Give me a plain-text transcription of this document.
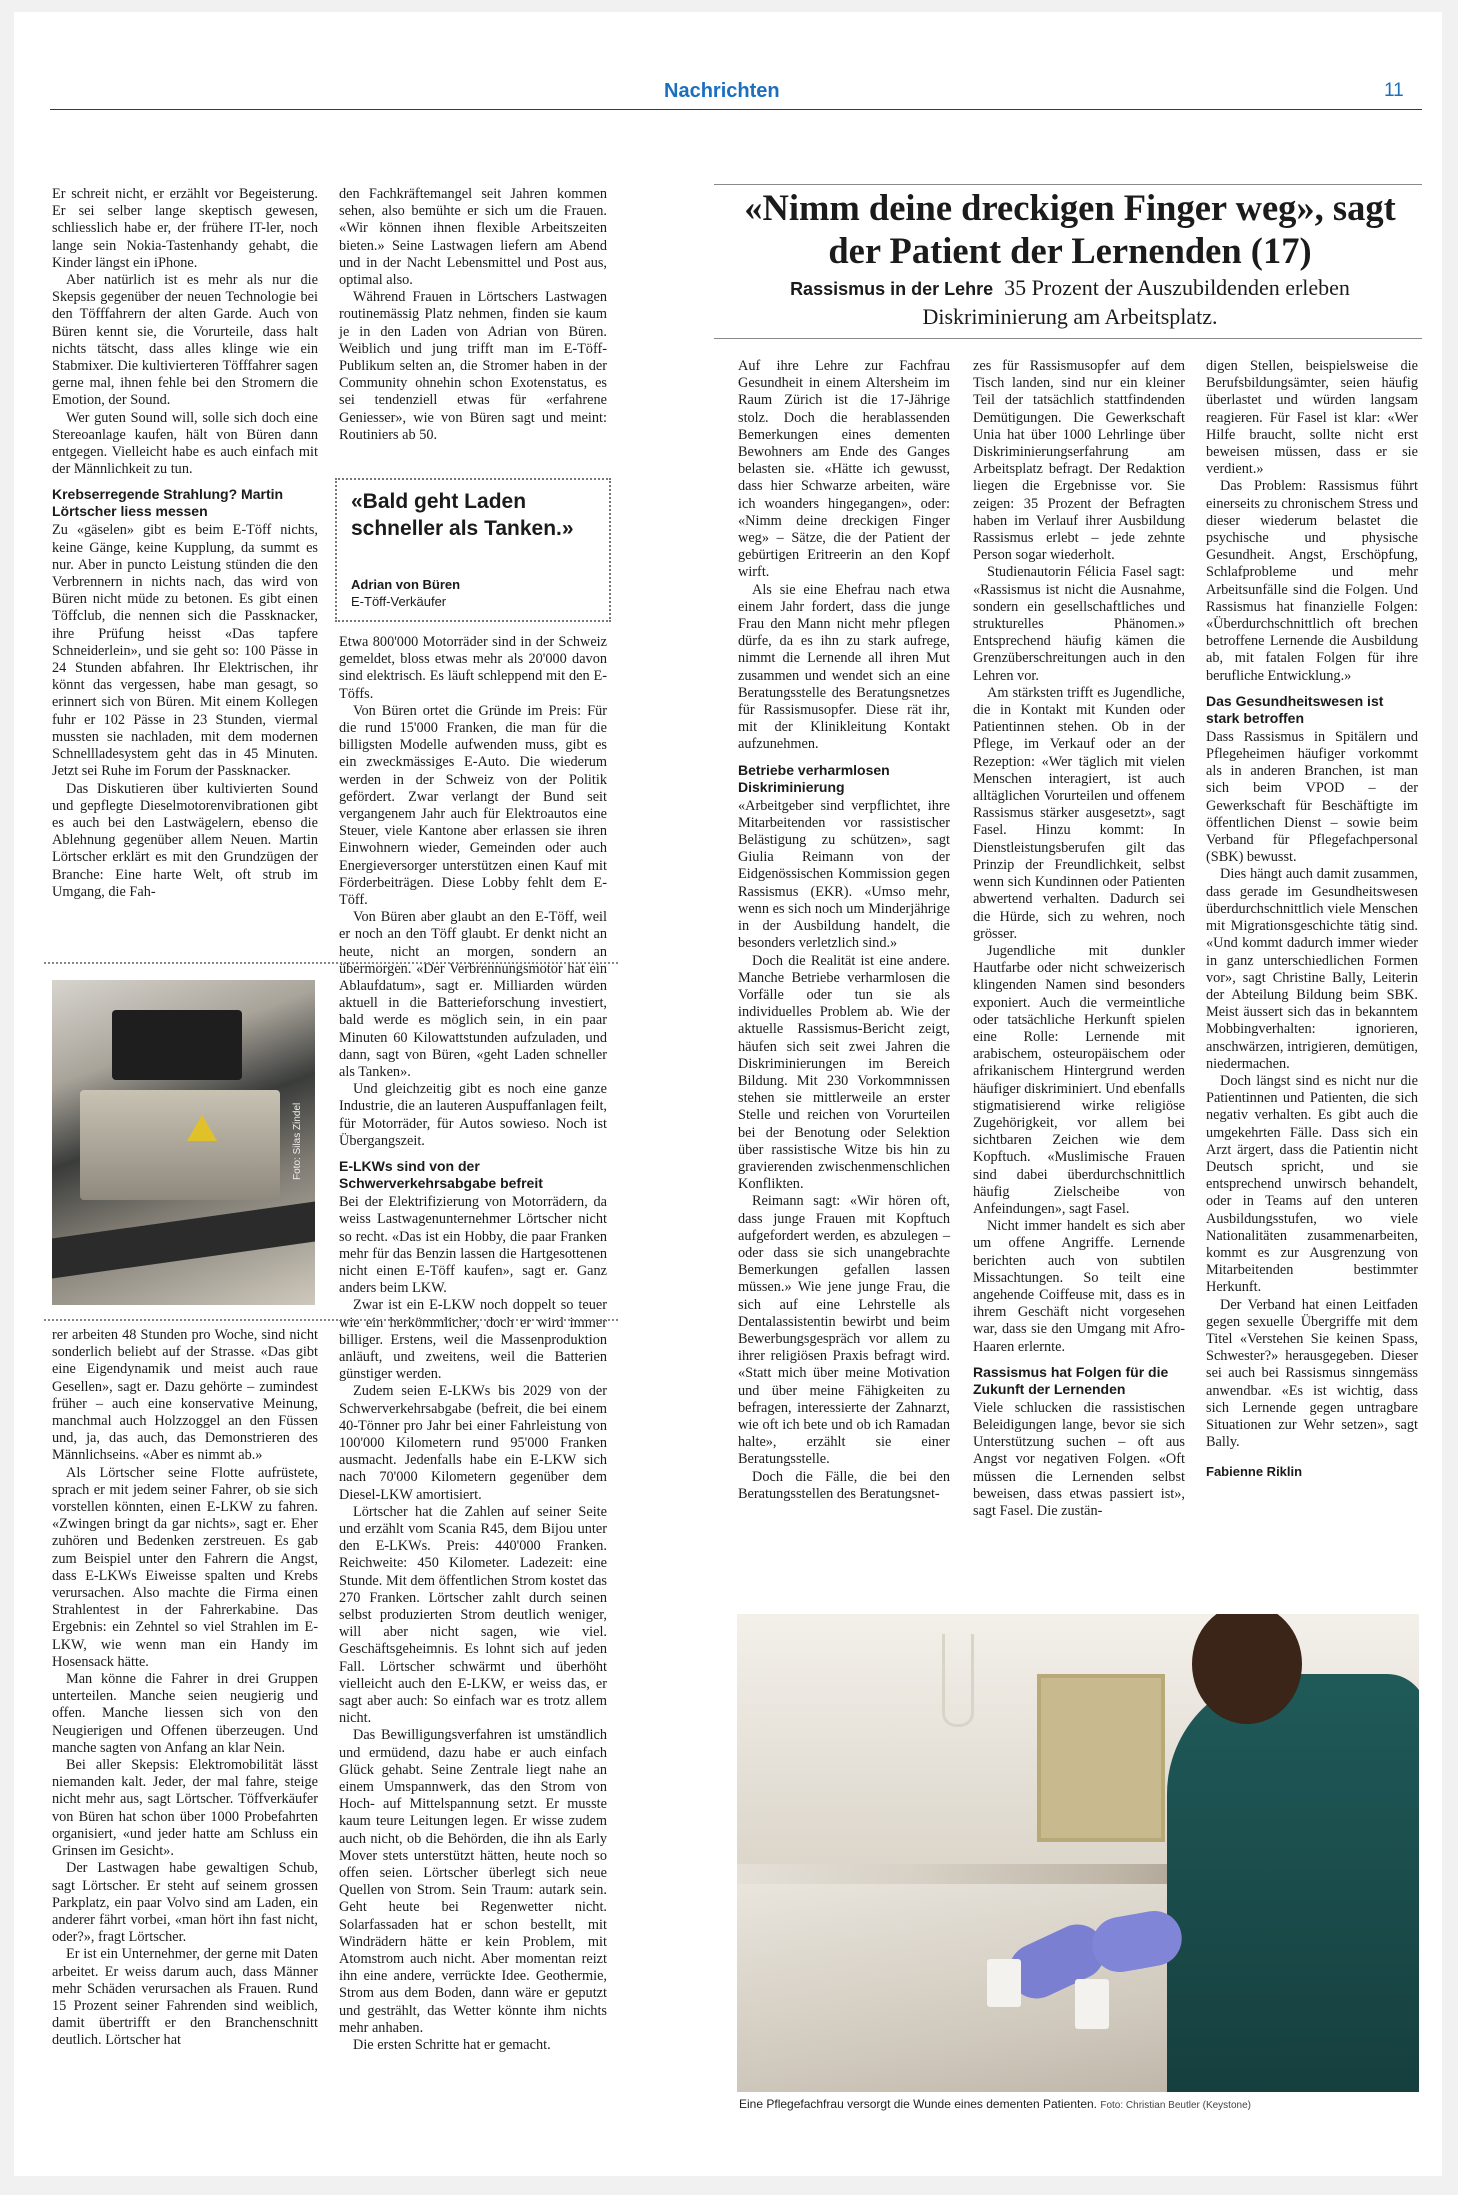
Nachrichten	11

Er schreit nicht, er erzählt vor Begeisterung. Er sei selber lange skeptisch gewesen, schliesslich habe er, der frühere IT-ler, noch lange sein Nokia-Tastenhandy gehabt, die Kinder längst ein iPhone.

Aber natürlich ist es mehr als nur die Skepsis gegenüber der neuen Technologie bei den Töfffahrern der alten Garde. Auch von Büren kennt sie, die Vorurteile, dass halt nichts tätscht, dass alles klinge wie ein Stabmixer. Die kultivierteren Töfffahrer sagen gerne mal, ihnen fehle bei den Stromern die Emotion, der Sound.

Wer guten Sound will, solle sich doch eine Stereoanlage kaufen, hält von Büren dann entgegen. Vielleicht habe es auch einfach mit der Männlichkeit zu tun.

Krebserregende Strahlung? Martin Lörtscher liess messen

Zu «gäselen» gibt es beim E-Töff nichts, keine Gänge, keine Kupplung, da summt es nur. Aber in puncto Leistung stünden die den Verbrennern in nichts nach, das wird von Büren nicht müde zu betonen. Es gibt einen Töffclub, die nennen sich die Passknacker, ihre Prüfung heisst «Das tapfere Schneiderlein», und sie geht so: 100 Pässe in 24 Stunden abfahren. Ihr Elektrischen, ihr könnt das vergessen, habe man gesagt, so erinnert sich von Büren. Mit einem Kollegen fuhr er 102 Pässe in 23 Stunden, viermal mussten sie nachladen, mit dem modernen Schnellladesystem geht das in 45 Minuten. Jetzt sei Ruhe im Forum der Passknacker.

Das Diskutieren über kultivierten Sound und gepflegte Dieselmotorenvibrationen gibt es auch bei den Lastwägelern, ebenso die Ablehnung gegenüber allem Neuen. Martin Lörtscher erklärt es mit den Grundzügen der Branche: Eine harte Welt, oft strub im Umgang, die Fah-

rer arbeiten 48 Stunden pro Woche, sind nicht sonderlich beliebt auf der Strasse. «Das gibt eine Eigendynamik und meist auch raue Gesellen», sagt er. Dazu gehörte – zumindest früher – auch eine konservative Meinung, manchmal auch Holzzoggel an den Füssen und, ja, das auch, das Demonstrieren des Männlichseins. «Aber es nimmt ab.»

Als Lörtscher seine Flotte aufrüstete, sprach er mit jedem seiner Fahrer, ob sie sich vorstellen könnten, einen E-LKW zu fahren. «Zwingen bringt da gar nichts», sagt er. Eher zuhören und Bedenken zerstreuen. Es gab zum Beispiel unter den Fahrern die Angst, dass E-LKWs Eiweisse spalten und Krebs verursachen. Also machte die Firma einen Strahlentest in der Fahrerkabine. Das Ergebnis: ein Zehntel so viel Strahlen im E-LKW, wie wenn man ein Handy im Hosensack hätte.

Man könne die Fahrer in drei Gruppen unterteilen. Manche seien neugierig und offen. Manche liessen sich von den Neugierigen und Offenen überzeugen. Und manche sagten von Anfang an klar Nein.

Bei aller Skepsis: Elektromobilität lässt niemanden kalt. Jeder, der mal fahre, steige nicht mehr aus, sagt Lörtscher. Töffverkäufer von Büren hat schon über 1000 Probefahrten organisiert, «und jeder hatte am Schluss ein Grinsen im Gesicht».

Der Lastwagen habe gewaltigen Schub, sagt Lörtscher. Er steht auf seinem grossen Parkplatz, ein paar Volvo sind am Laden, ein anderer fährt vorbei, «man hört ihn fast nicht, oder?», fragt Lörtscher.

Er ist ein Unternehmer, der gerne mit Daten arbeitet. Er weiss darum auch, dass Männer mehr Schäden verursachen als Frauen. Rund 15 Prozent seiner Fahrenden sind weiblich, damit übertrifft er den Branchenschnitt deutlich. Lörtscher hat

den Fachkräftemangel seit Jahren kommen sehen, also bemühte er sich um die Frauen. «Wir können ihnen flexible Arbeitszeiten bieten.» Seine Lastwagen liefern am Abend und in der Nacht Lebensmittel und Post aus, optimal also.

Während Frauen in Lörtschers Lastwagen routinemässig Platz nehmen, finden sie kaum je in den Laden von Adrian von Büren. Weiblich und jung trifft man im E-Töff-Publikum selten an, die Stromer haben in der Community ohnehin schon Exotenstatus, es sei tendenziell etwas für «erfahrene Geniesser», wie von Büren sagt und meint: Routiniers ab 50.

«Bald geht Laden schneller als Tanken.»
Adrian von Büren
E-Töff-Verkäufer

Etwa 800'000 Motorräder sind in der Schweiz gemeldet, bloss etwas mehr als 20'000 davon sind elektrisch. Es läuft schleppend mit den E-Töffs.

Von Büren ortet die Gründe im Preis: Für die rund 15'000 Franken, die man für die billigsten Modelle aufwenden muss, gibt es ein zweckmässiges E-Auto. Die wiederum werden in der Schweiz von der Politik gefördert. Zwar verlangt der Bund seit vergangenem Jahr auch für Elektroautos eine Steuer, viele Kantone aber erlassen sie ihren Einwohnern wieder, Gemeinden oder auch Energieversorger unterstützen einen Kauf mit Förderbeiträgen. Diese Lobby fehlt dem E-Töff.

Von Büren aber glaubt an den E-Töff, weil er noch an den Töff glaubt. Er denkt nicht an heute, nicht an morgen, sondern an übermorgen. «Der Verbrennungsmotor hat ein Ablaufdatum», sagt er. Milliarden würden aktuell in die Batterieforschung investiert, bald werde es möglich sein, in ein paar Minuten 60 Kilowattstunden aufzuladen, und dann, sagt von Büren, «geht Laden schneller als Tanken».

Und gleichzeitig gibt es noch eine ganze Industrie, die an lauteren Auspuffanlagen feilt, für Motorräder, für Autos sowieso. Noch ist Übergangszeit.

E-LKWs sind von der Schwerverkehrsabgabe befreit

Bei der Elektrifizierung von Motorrädern, da weiss Lastwagenunternehmer Lörtscher nicht so recht. «Das ist ein Hobby, die paar Franken mehr für das Benzin lassen die Hartgesottenen nicht einen E-Töff kaufen», sagt er. Ganz anders beim LKW.

Zwar ist ein E-LKW noch doppelt so teuer wie ein herkömmlicher, doch er wird immer billiger. Erstens, weil die Massenproduktion anläuft, und zweitens, weil die Batterien günstiger werden.

Zudem seien E-LKWs bis 2029 von der Schwerverkehrsabgabe (befreit, die bei einem 40-Tönner pro Jahr bei einer Fahrleistung von 100'000 Kilometern rund 95'000 Franken ausmacht. Jedenfalls habe ein E-LKW sich nach 70'000 Kilometern gegenüber dem Diesel-LKW amortisiert.

Lörtscher hat die Zahlen auf seiner Seite und erzählt vom Scania R45, dem Bijou unter den E-LKWs. Preis: 440'000 Franken. Reichweite: 450 Kilometer. Ladezeit: eine Stunde. Mit dem öffentlichen Strom kostet das 270 Franken. Lörtscher zahlt durch seinen selbst produzierten Strom deutlich weniger, will aber nicht sagen, wie viel. Geschäftsgeheimnis. Es lohnt sich auf jeden Fall. Lörtscher schwärmt und überhöht vielleicht auch den E-LKW, er weiss das, er sagt aber auch: So einfach war es trotz allem nicht.

Das Bewilligungsverfahren ist umständlich und ermüdend, dazu habe er auch einfach Glück gehabt. Seine Zentrale liegt nahe an einem Umspannwerk, das den Strom von Hoch- auf Mittelspannung setzt. Er musste kaum teure Leitungen legen. Er wisse zudem auch nicht, ob die Behörden, die ihn als Early Mover stets unterstützt hätten, heute noch so offen seien. Lörtscher überlegt sich neue Quellen von Strom. Sein Traum: autark sein. Geht heute bei Regenwetter nicht. Solarfassaden hat er schon bestellt, mit Windrädern hätte er kein Problem, mit Atomstrom auch nicht. Aber momentan reizt ihn eine andere, verrückte Idee. Geothermie, Strom aus dem Boden, dann wäre er geputzt und gestrählt, das Wetter könnte ihm nichts mehr anhaben.

Die ersten Schritte hat er gemacht.

Foto: Silas Zindel
«Nimm deine dreckigen Finger weg», sagt der Patient der Lernenden (17)
Rassismus in der Lehre 35 Prozent der Auszubildenden erleben Diskriminierung am Arbeitsplatz.

Auf ihre Lehre zur Fachfrau Gesundheit in einem Altersheim im Raum Zürich ist die 17-Jährige stolz. Doch die herablassenden Bemerkungen eines dementen Bewohners am Ende des Ganges belasten sie. «Hätte ich gewusst, dass hier Schwarze arbeiten, wäre ich woanders hingegangen», oder: «Nimm deine dreckigen Finger weg» – Sätze, die der Patient der gebürtigen Eritreerin an den Kopf wirft.

Als sie eine Ehefrau nach etwa einem Jahr fordert, dass die junge Frau den Mann nicht mehr pflegen dürfe, da es ihn zu stark aufrege, nimmt die Lernende all ihren Mut zusammen und wendet sich an eine Beratungsstelle des Beratungsnetzes für Rassismusopfer. Diese rät ihr, mit der Klinikleitung Kontakt aufzunehmen.

Betriebe verharmlosen Diskriminierung

«Arbeitgeber sind verpflichtet, ihre Mitarbeitenden vor rassistischer Belästigung zu schützen», sagt Giulia Reimann von der Eidgenössischen Kommission gegen Rassismus (EKR). «Umso mehr, wenn es sich noch um Minderjährige in der Ausbildung handelt, die besonders verletzlich sind.»

Doch die Realität ist eine andere. Manche Betriebe verharmlosen die Vorfälle oder tun sie als individuelles Problem ab. Wie der aktuelle Rassismus-Bericht zeigt, häufen sich seit zwei Jahren die Diskriminierungen im Bereich Bildung. Mit 230 Vorkommnissen stehen sie mittlerweile an erster Stelle und reichen von Vorurteilen bei der Benotung oder Selektion über rassistische Witze bis hin zu gravierenden zwischenmenschlichen Konflikten.

Reimann sagt: «Wir hören oft, dass junge Frauen mit Kopftuch aufgefordert werden, es abzulegen – oder dass sie sich unangebrachte Bemerkungen gefallen lassen müssen.» Wie jene junge Frau, die sich auf eine Lehrstelle als Dentalassistentin bewirbt und beim Bewerbungsgespräch vor allem zu ihrer religiösen Praxis befragt wird. «Statt mich über meine Motivation und über meine Fähigkeiten zu befragen, interessierte der Zahnarzt, wie oft ich bete und ob ich Ramadan halte», erzählt sie einer Beratungsstelle.

Doch die Fälle, die bei den Beratungsstellen des Beratungsnet-

zes für Rassismusopfer auf dem Tisch landen, sind nur ein kleiner Teil der tatsächlich stattfindenden Demütigungen. Die Gewerkschaft Unia hat über 1000 Lehrlinge über Diskriminierungserfahrung am Arbeitsplatz befragt. Der Redaktion liegen die Ergebnisse vor. Sie zeigen: 35 Prozent der Befragten haben im Verlauf ihrer Ausbildung Rassismus erlebt – jede zehnte Person sogar wiederholt.

Studienautorin Félicia Fasel sagt: «Rassismus ist nicht die Ausnahme, sondern ein gesellschaftliches und strukturelles Phänomen.» Entsprechend häufig kämen die Grenzüberschreitungen auch in den Lehren vor.

Am stärksten trifft es Jugendliche, die in Kontakt mit Kunden oder Patientinnen stehen. Ob in der Pflege, im Verkauf oder an der Rezeption: «Wer täglich mit vielen Menschen interagiert, ist auch alltäglichen Vorurteilen und offenem Rassismus stärker ausgesetzt», sagt Fasel. Hinzu kommt: In Dienstleistungsberufen gilt das Prinzip der Freundlichkeit, selbst wenn sich Kundinnen oder Patienten abwertend verhalten. Dadurch sei die Hürde, sich zu wehren, noch grösser.

Jugendliche mit dunkler Hautfarbe oder nicht schweizerisch klingenden Namen sind besonders exponiert. Auch die vermeintliche oder tatsächliche Herkunft spielen eine Rolle: Lernende mit arabischem, osteuropäischem oder afrikanischem Hintergrund werden häufiger diskriminiert. Und ebenfalls stigmatisierend wirke religiöse Zugehörigkeit, vor allem bei sichtbaren Zeichen wie dem Kopftuch. «Muslimische Frauen sind dabei überdurchschnittlich häufig Zielscheibe von Anfeindungen», sagt Fasel.

Nicht immer handelt es sich aber um offene Angriffe. Lernende berichten auch von subtilen Missachtungen. So teilt eine angehende Coiffeuse mit, dass es in ihrem Geschäft nicht vorgesehen war, dass sie den Umgang mit Afro-Haaren erlernte.

Rassismus hat Folgen für die Zukunft der Lernenden

Viele schlucken die rassistischen Beleidigungen lange, bevor sie sich Unterstützung suchen – oft aus Angst vor negativen Folgen. «Oft müssen die Lernenden selbst beweisen, dass etwas passiert ist», sagt Fasel. Die zustän-

digen Stellen, beispielsweise die Berufsbildungsämter, seien häufig überlastet und würden langsam reagieren. Für Fasel ist klar: «Wer Hilfe braucht, sollte nicht erst beweisen müssen, dass er sie verdient.»

Das Problem: Rassismus führt einerseits zu chronischem Stress und dieser wiederum belastet die psychische und physische Gesundheit. Angst, Erschöpfung, Schlafprobleme und mehr Arbeitsunfälle sind die Folgen. Und Rassismus hat finanzielle Folgen: «Überdurchschnittlich oft brechen betroffene Lernende die Ausbildung ab, mit fatalen Folgen für ihre berufliche Entwicklung.»

Das Gesundheitswesen ist stark betroffen

Dass Rassismus in Spitälern und Pflegeheimen häufiger vorkommt als in anderen Branchen, ist man sich beim VPOD – der Gewerkschaft für Beschäftigte im öffentlichen Dienst – sowie beim Verband für Pflegefachpersonal (SBK) bewusst.

Dies hängt auch damit zusammen, dass gerade im Gesundheitswesen überdurchschnittlich viele Menschen mit Migrationsgeschichte tätig sind. «Und kommt dadurch immer wieder in ganz unterschiedlichen Formen vor», sagt Christine Bally, Leiterin der Abteilung Bildung beim SBK. Meist äussert sich das in bekanntem Mobbingverhalten: ignorieren, anschwärzen, intrigieren, demütigen, niedermachen.

Doch längst sind es nicht nur die Patientinnen und Patienten, die sich negativ verhalten. Es gibt auch die umgekehrten Fälle. Dass sich ein Arzt ärgert, dass die Patientin nicht Deutsch spricht, und sie entsprechend unwirsch behandelt, oder in Teams auf den unteren Ausbildungsstufen, wo viele Nationalitäten zusammenarbeiten, kommt es zur Ausgrenzung von Mitarbeitenden bestimmter Herkunft.

Der Verband hat einen Leitfaden gegen sexuelle Übergriffe mit dem Titel «Verstehen Sie keinen Spass, Schwester?» herausgegeben. Dieser sei auch bei Rassismus sinngemäss anwendbar. «Es ist wichtig, dass sich Lernende gegen untragbare Situationen zur Wehr setzen», sagt Bally.

Fabienne Riklin
Eine Pflegefachfrau versorgt die Wunde eines dementen Patienten. Foto: Christian Beutler (Keystone)
